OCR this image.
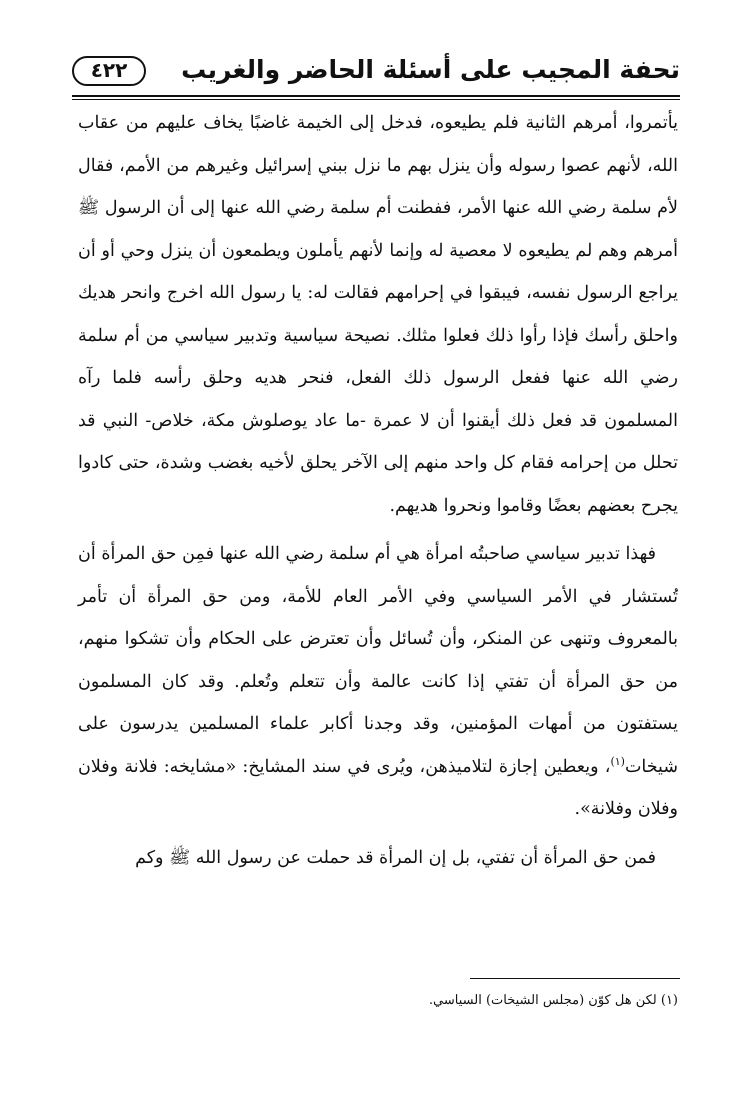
تحفة المجيب على أسئلة الحاضر والغريب
٤٢٢

يأتمروا، أمرهم الثانية فلم يطيعوه، فدخل إلى الخيمة غاضبًا يخاف عليهم من عقاب الله، لأنهم عصوا رسوله وأن ينزل بهم ما نزل ببني إسرائيل وغيرهم من الأمم، فقال لأم سلمة رضي الله عنها الأمر، ففطنت أم سلمة رضي الله عنها إلى أن الرسول ﷺ أمرهم وهم لم يطيعوه لا معصية له وإنما لأنهم يأملون ويطمعون أن ينزل وحي أو أن يراجع الرسول نفسه، فيبقوا في إحرامهم فقالت له: يا رسول الله اخرج وانحر هديك واحلق رأسك فإذا رأوا ذلك فعلوا مثلك. نصيحة سياسية وتدبير سياسي من أم سلمة رضي الله عنها ففعل الرسول ذلك الفعل، فنحر هديه وحلق رأسه فلما رآه المسلمون قد فعل ذلك أيقنوا أن لا عمرة -ما عاد يوصلوش مكة، خلاص- النبي قد تحلل من إحرامه فقام كل واحد منهم إلى الآخر يحلق لأخيه بغضب وشدة، حتى كادوا يجرح بعضهم بعضًا وقاموا ونحروا هديهم.

فهذا تدبير سياسي صاحبتُه امرأة هي أم سلمة رضي الله عنها فمِن حق المرأة أن تُستشار في الأمر السياسي وفي الأمر العام للأمة، ومن حق المرأة أن تأمر بالمعروف وتنهى عن المنكر، وأن تُسائل وأن تعترض على الحكام وأن تشكوا منهم، من حق المرأة أن تفتي إذا كانت عالمة وأن تتعلم وتُعلم. وقد كان المسلمون يستفتون من أمهات المؤمنين، وقد وجدنا أكابر علماء المسلمين يدرسون على شيخات$^{(١)}$، ويعطين إجازة لتلاميذهن، ويُرى في سند المشايخ: «مشايخه: فلانة وفلان وفلان وفلانة».

فمن حق المرأة أن تفتي، بل إن المرأة قد حملت عن رسول الله ﷺ وكم

(١) لكن هل كوّن (مجلس الشيخات) السياسي.
